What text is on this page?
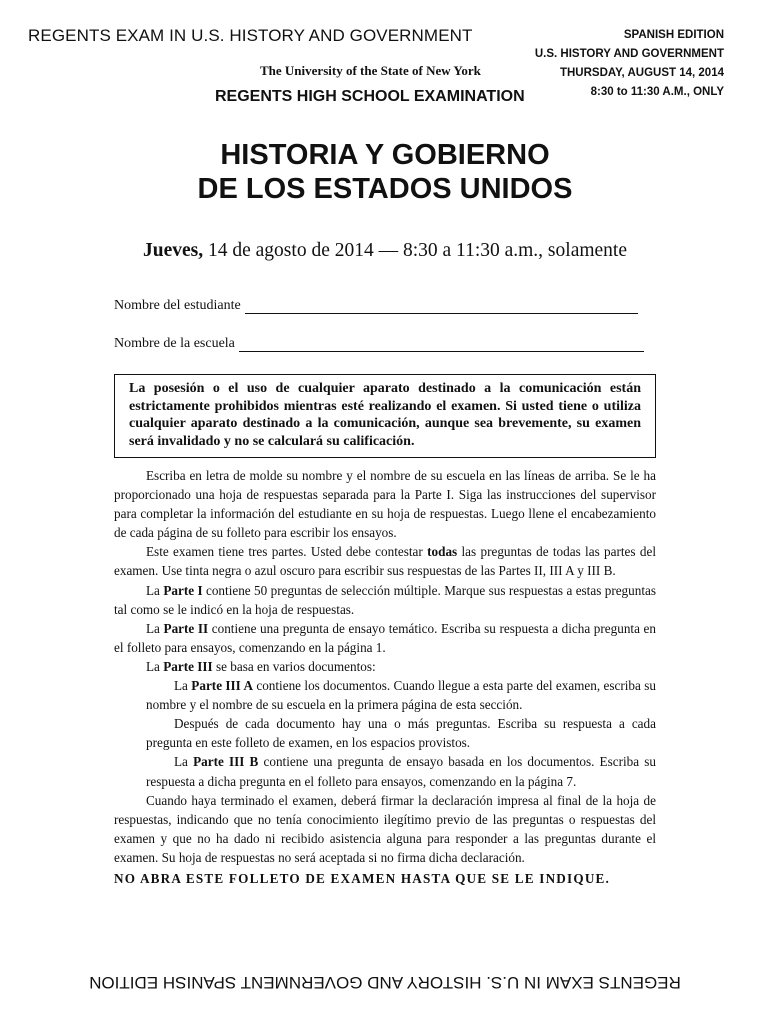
REGENTS EXAM IN U.S. HISTORY AND GOVERNMENT	SPANISH EDITION
U.S. HISTORY AND GOVERNMENT
THURSDAY, AUGUST 14, 2014
8:30 to 11:30 A.M., ONLY
The University of the State of New York
REGENTS HIGH SCHOOL EXAMINATION
HISTORIA Y GOBIERNO
DE LOS ESTADOS UNIDOS
Jueves, 14 de agosto de 2014 — 8:30 a 11:30 a.m., solamente
Nombre del estudiante
Nombre de la escuela
La posesión o el uso de cualquier aparato destinado a la comunicación están estrictamente prohibidos mientras esté realizando el examen. Si usted tiene o utiliza cualquier aparato destinado a la comunicación, aunque sea brevemente, su examen será invalidado y no se calculará su calificación.

Escriba en letra de molde su nombre y el nombre de su escuela en las líneas de arriba. Se le ha proporcionado una hoja de respuestas separada para la Parte I. Siga las instrucciones del supervisor para completar la información del estudiante en su hoja de respuestas. Luego llene el encabezamiento de cada página de su folleto para escribir los ensayos.

Este examen tiene tres partes. Usted debe contestar todas las preguntas de todas las partes del examen. Use tinta negra o azul oscuro para escribir sus respuestas de las Partes II, III A y III B.

La Parte I contiene 50 preguntas de selección múltiple. Marque sus respuestas a estas preguntas tal como se le indicó en la hoja de respuestas.

La Parte II contiene una pregunta de ensayo temático. Escriba su respuesta a dicha pregunta en el folleto para ensayos, comenzando en la página 1.

La Parte III se basa en varios documentos:

La Parte III A contiene los documentos. Cuando llegue a esta parte del examen, escriba su nombre y el nombre de su escuela en la primera página de esta sección.

Después de cada documento hay una o más preguntas. Escriba su respuesta a cada pregunta en este folleto de examen, en los espacios provistos.

La Parte III B contiene una pregunta de ensayo basada en los documentos. Escriba su respuesta a dicha pregunta en el folleto para ensayos, comenzando en la página 7.

Cuando haya terminado el examen, deberá firmar la declaración impresa al final de la hoja de respuestas, indicando que no tenía conocimiento ilegítimo previo de las preguntas o respuestas del examen y que no ha dado ni recibido asistencia alguna para responder a las preguntas durante el examen. Su hoja de respuestas no será aceptada si no firma dicha declaración.

NO ABRA ESTE FOLLETO DE EXAMEN HASTA QUE SE LE INDIQUE.

REGENTS EXAM IN U.S. HISTORY AND GOVERNMENT SPANISH EDITION
